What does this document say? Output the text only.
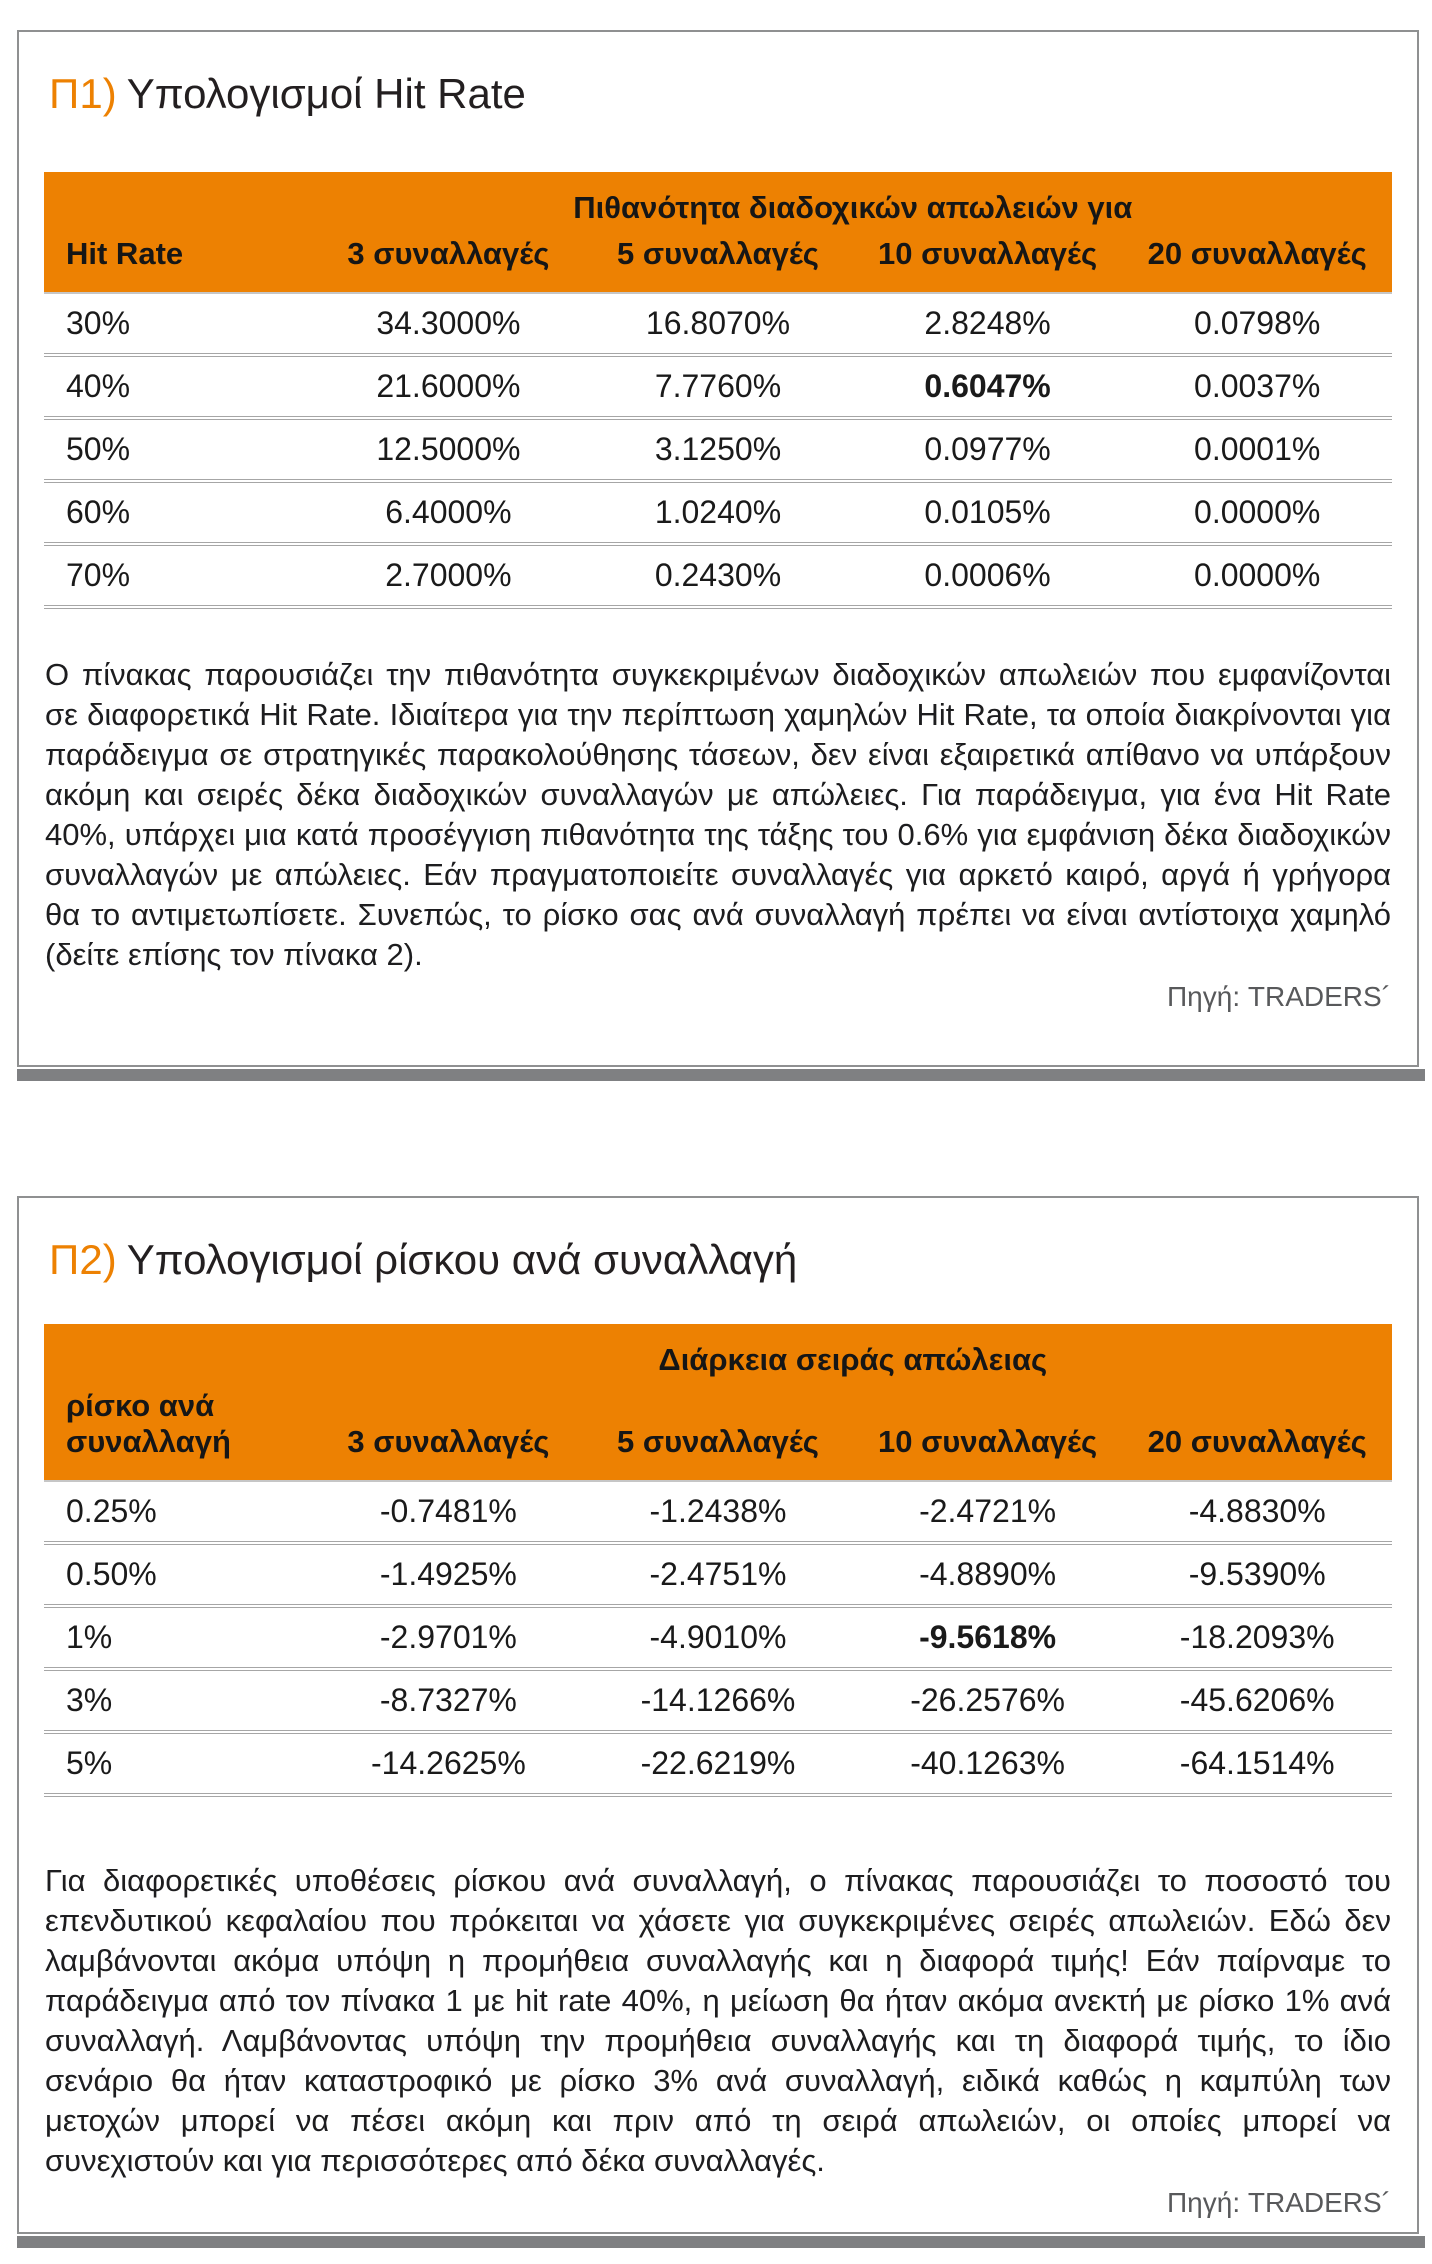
Π1) Υπολογισμοί Hit Rate
	Πιθανότητα διαδοχικών απωλειών για			
Hit Rate	3 συναλλαγές	5 συναλλαγές	10 συναλλαγές	20 συναλλαγές
30%	34.3000%	16.8070%	2.8248%	0.0798%
40%	21.6000%	7.7760%	0.6047%	0.0037%
50%	12.5000%	3.1250%	0.0977%	0.0001%
60%	6.4000%	1.0240%	0.0105%	0.0000%
70%	2.7000%	0.2430%	0.0006%	0.0000%
Ο πίνακας παρουσιάζει την πιθανότητα συγκεκριμένων διαδοχικών απωλειών που εμφανίζονται σε διαφορετικά Hit Rate. Ιδιαίτερα για την περίπτωση χαμηλών Hit Rate, τα οποία διακρίνονται για παράδειγμα σε στρατηγικές παρακολούθησης τάσεων, δεν είναι εξαιρετικά απίθανο να υπάρξουν ακόμη και σειρές δέκα διαδοχικών συναλλαγών με απώλειες. Για παράδειγμα, για ένα Hit Rate 40%, υπάρχει μια κατά προσέγγιση πιθανότητα της τάξης του 0.6% για εμφάνιση δέκα διαδοχικών συναλλαγών με απώλειες. Εάν πραγματοποιείτε συναλλαγές για αρκετό καιρό, αργά ή γρήγορα θα το αντιμετωπίσετε. Συνεπώς, το ρίσκο σας ανά συναλλαγή πρέπει να είναι αντίστοιχα χαμηλό (δείτε επίσης τον πίνακα 2).
Πηγή: TRADERS´
Π2) Υπολογισμοί ρίσκου ανά συναλλαγή
	Διάρκεια σειράς απώλειας			
ρίσκο ανά συναλλαγή	3 συναλλαγές	5 συναλλαγές	10 συναλλαγές	20 συναλλαγές
0.25%	-0.7481%	-1.2438%	-2.4721%	-4.8830%
0.50%	-1.4925%	-2.4751%	-4.8890%	-9.5390%
1%	-2.9701%	-4.9010%	-9.5618%	-18.2093%
3%	-8.7327%	-14.1266%	-26.2576%	-45.6206%
5%	-14.2625%	-22.6219%	-40.1263%	-64.1514%
Για διαφορετικές υποθέσεις ρίσκου ανά συναλλαγή, ο πίνακας παρουσιάζει το ποσοστό του επενδυτικού κεφαλαίου που πρόκειται να χάσετε για συγκεκριμένες σειρές απωλειών. Εδώ δεν λαμβάνονται ακόμα υπόψη η προμήθεια συναλλαγής και η διαφορά τιμής! Εάν παίρναμε το παράδειγμα από τον πίνακα 1 με hit rate 40%, η μείωση θα ήταν ακόμα ανεκτή με ρίσκο 1% ανά συναλλαγή. Λαμβάνοντας υπόψη την προμήθεια συναλλαγής και τη διαφορά τιμής, το ίδιο σενάριο θα ήταν καταστροφικό με ρίσκο 3% ανά συναλλαγή, ειδικά καθώς η καμπύλη των μετοχών μπορεί να πέσει ακόμη και πριν από τη σειρά απωλειών, οι οποίες μπορεί να συνεχιστούν και για περισσότερες από δέκα συναλλαγές.
Πηγή: TRADERS´
